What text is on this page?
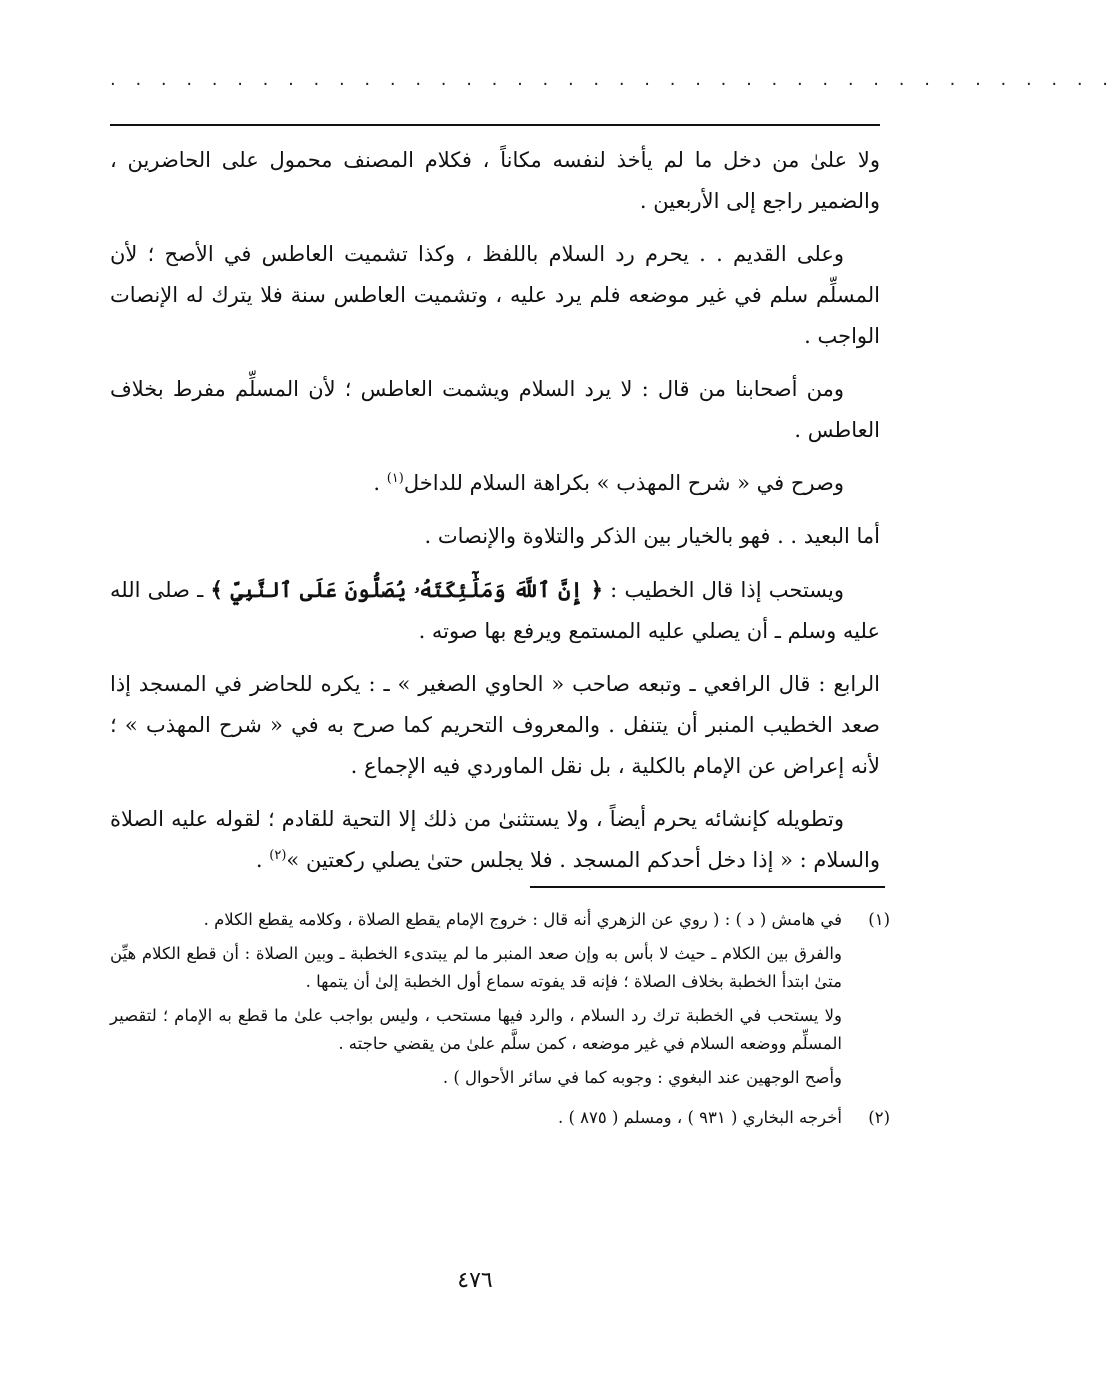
· · · · · · · · · · · · · · · · · · · · · · · · · · · · · · · · · · · · · · · ·

ولا علىٰ من دخل ما لم يأخذ لنفسه مكاناً ، فكلام المصنف محمول على الحاضرين ، والضمير راجع إلى الأربعين .

وعلى القديم . . يحرم رد السلام باللفظ ، وكذا تشميت العاطس في الأصح ؛ لأن المسلِّم سلم في غير موضعه فلم يرد عليه ، وتشميت العاطس سنة فلا يترك له الإنصات الواجب .

ومن أصحابنا من قال : لا يرد السلام ويشمت العاطس ؛ لأن المسلِّم مفرط بخلاف العاطس .

وصرح في « شرح المهذب » بكراهة السلام للداخل$^{(١)}$ .

أما البعيد . . فهو بالخيار بين الذكر والتلاوة والإنصات .

ويستحب إذا قال الخطيب : ﴿ إِنَّ ٱللَّهَ وَمَلَٰٓئِكَتَهُۥ يُصَلُّونَ عَلَى ٱلنَّبِيِّ ﴾ ـ صلى الله عليه وسلم ـ أن يصلي عليه المستمع ويرفع بها صوته .

الرابع : قال الرافعي ـ وتبعه صاحب « الحاوي الصغير » ـ : يكره للحاضر في المسجد إذا صعد الخطيب المنبر أن يتنفل . والمعروف التحريم كما صرح به في « شرح المهذب » ؛ لأنه إعراض عن الإمام بالكلية ، بل نقل الماوردي فيه الإجماع .

وتطويله كإنشائه يحرم أيضاً ، ولا يستثنىٰ من ذلك إلا التحية للقادم ؛ لقوله عليه الصلاة والسلام : « إذا دخل أحدكم المسجد . فلا يجلس حتىٰ يصلي ركعتين »$^{(٢)}$ .

(١)

في هامش ( د ) : ( روي عن الزهري أنه قال : خروج الإمام يقطع الصلاة ، وكلامه يقطع الكلام .

والفرق بين الكلام ـ حيث لا بأس به وإن صعد المنبر ما لم يبتدىء الخطبة ـ وبين الصلاة : أن قطع الكلام هيِّن متىٰ ابتدأ الخطبة بخلاف الصلاة ؛ فإنه قد يفوته سماع أول الخطبة إلىٰ أن يتمها .

ولا يستحب في الخطبة ترك رد السلام ، والرد فيها مستحب ، وليس بواجب علىٰ ما قطع به الإمام ؛ لتقصير المسلِّم ووضعه السلام في غير موضعه ، كمن سلَّم علىٰ من يقضي حاجته .

وأصح الوجهين عند البغوي : وجوبه كما في سائر الأحوال ) .

(٢)
أخرجه البخاري ( ٩٣١ ) ، ومسلم ( ٨٧٥ ) .
٤٧٦
